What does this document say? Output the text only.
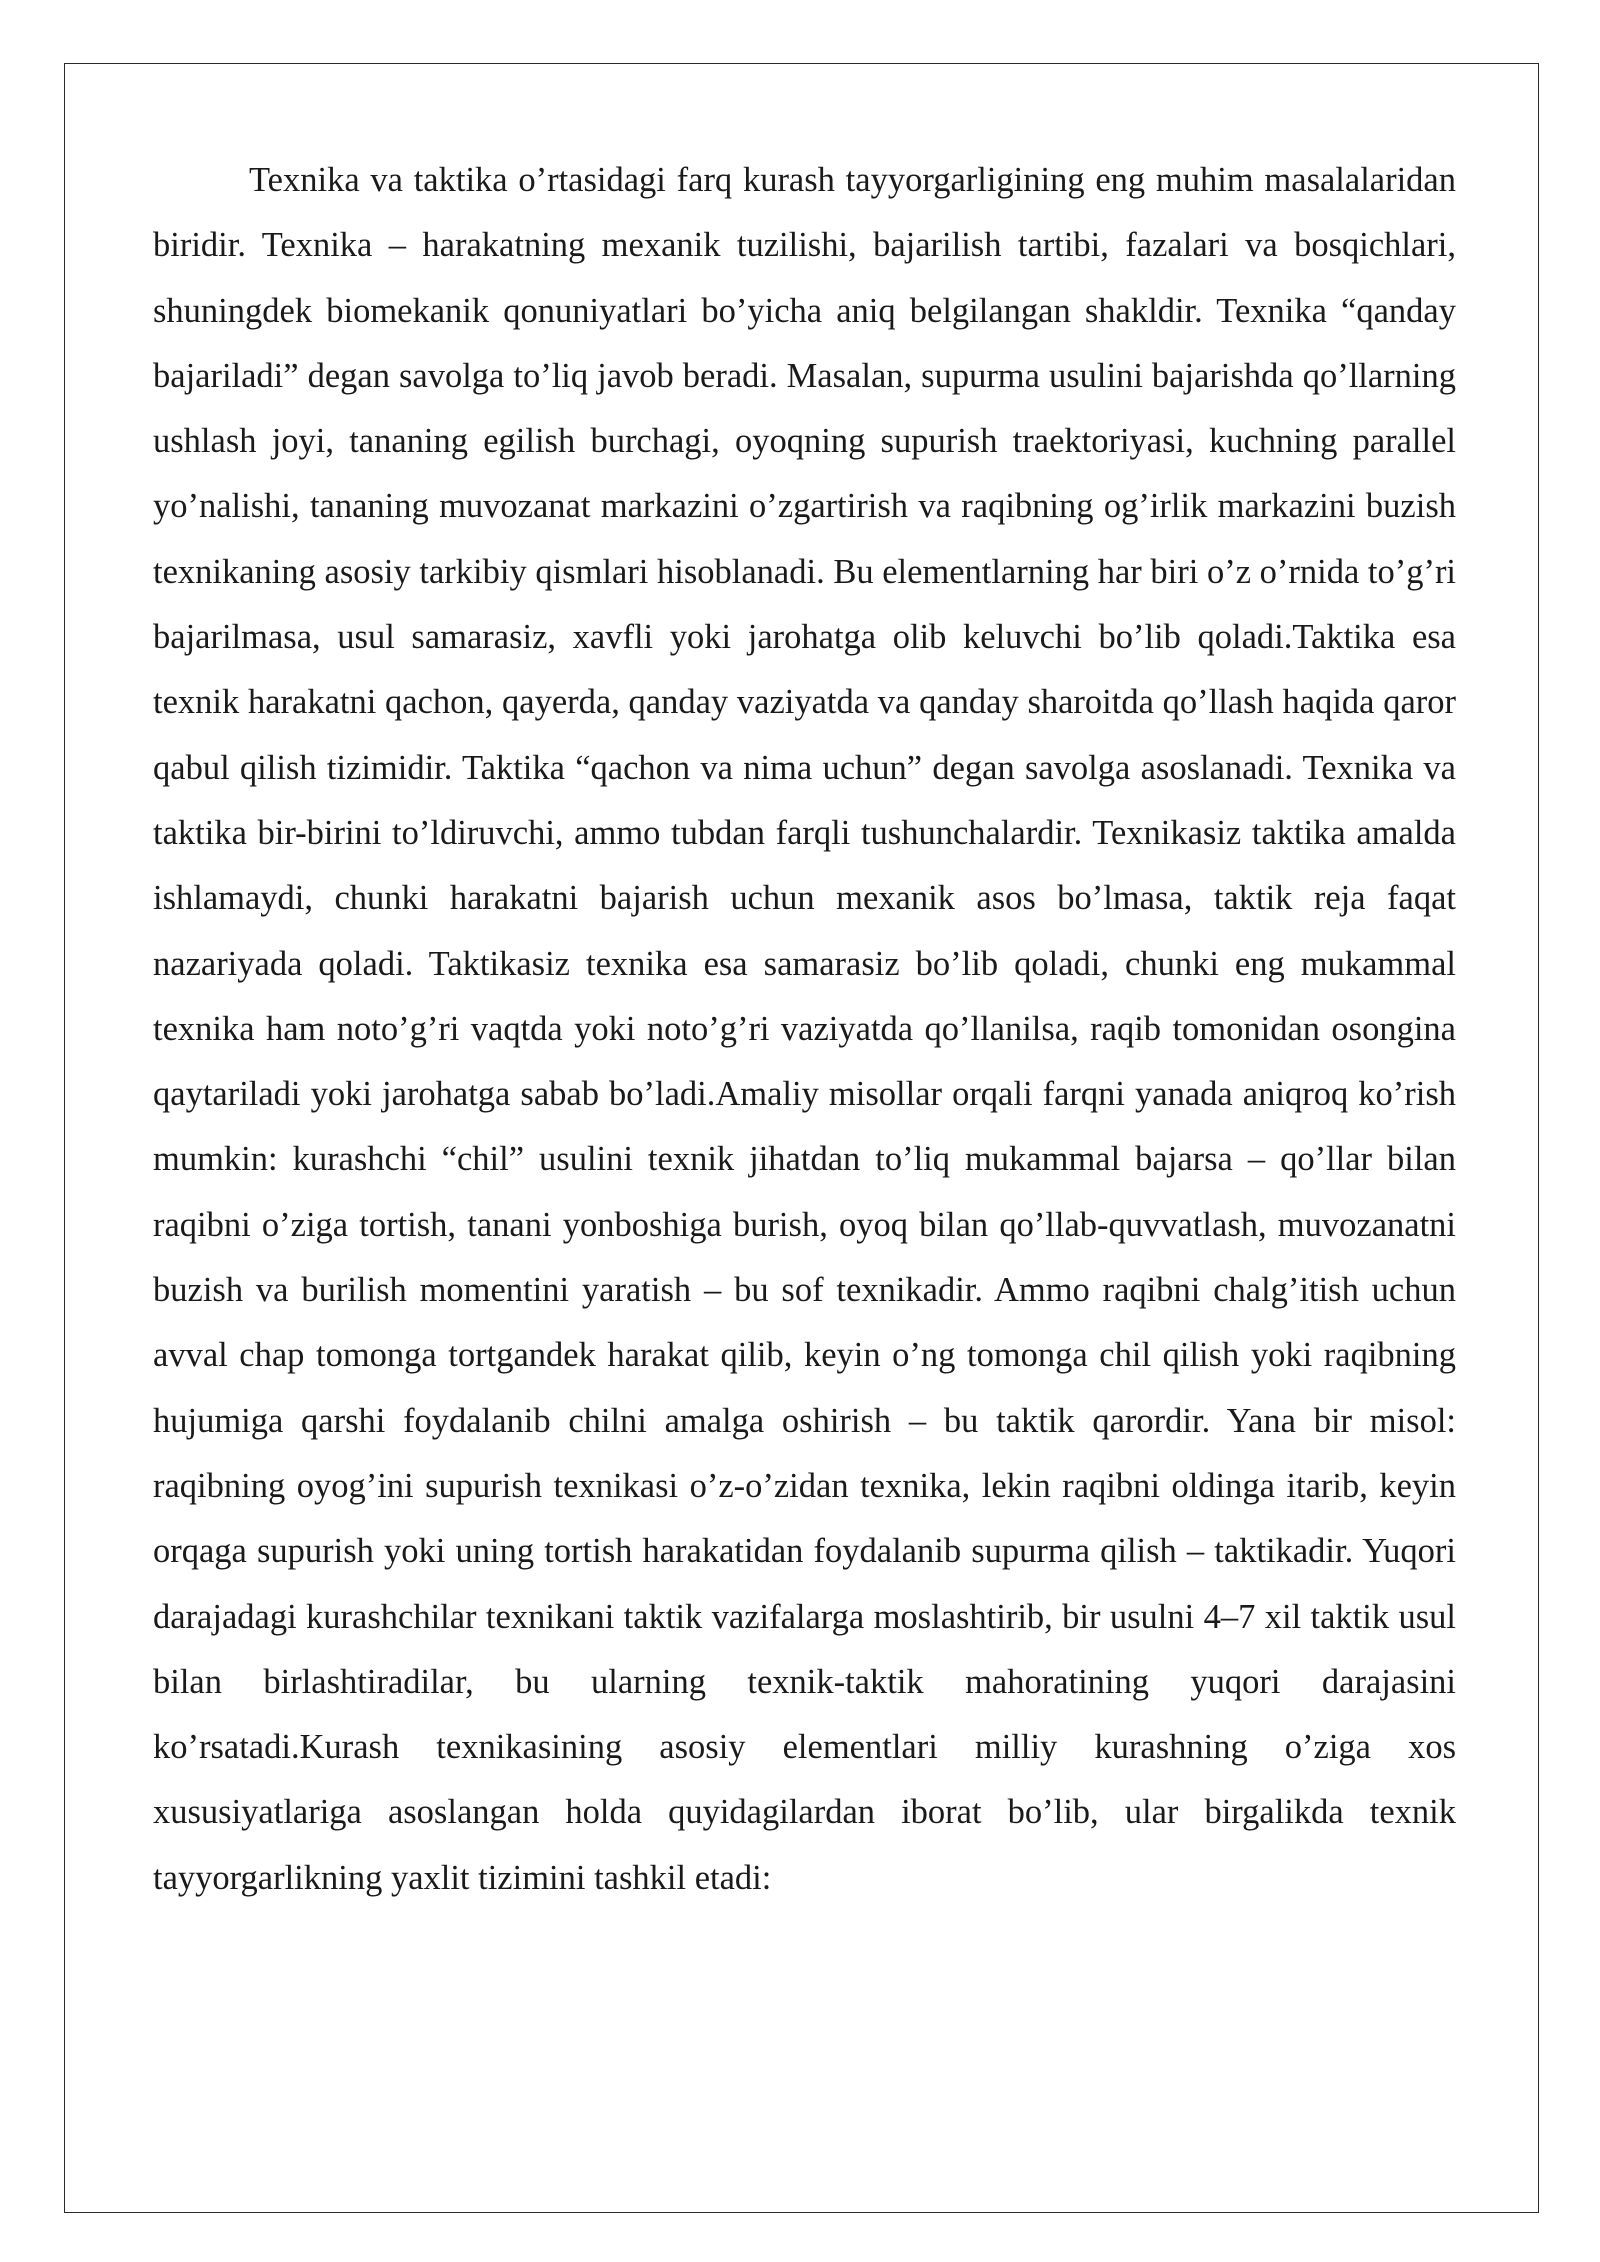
Texnika va taktika o’rtasidagi farq kurash tayyorgarligining eng muhim masalalaridan biridir. Texnika – harakatning mexanik tuzilishi, bajarilish tartibi, fazalari va bosqichlari, shuningdek biomekanik qonuniyatlari bo’yicha aniq belgilangan shakldir. Texnika “qanday bajariladi” degan savolga to’liq javob beradi. Masalan, supurma usulini bajarishda qo’llarning ushlash joyi, tananing egilish burchagi, oyoqning supurish traektoriyasi, kuchning parallel yo’nalishi, tananing muvozanat markazini o’zgartirish va raqibning og’irlik markazini buzish texnikaning asosiy tarkibiy qismlari hisoblanadi. Bu elementlarning har biri o’z o’rnida to’g’ri bajarilmasa, usul samarasiz, xavfli yoki jarohatga olib keluvchi bo’lib qoladi.Taktika esa texnik harakatni qachon, qayerda, qanday vaziyatda va qanday sharoitda qo’llash haqida qaror qabul qilish tizimidir. Taktika “qachon va nima uchun” degan savolga asoslanadi. Texnika va taktika bir-birini to’ldiruvchi, ammo tubdan farqli tushunchalardir. Texnikasiz taktika amalda ishlamaydi, chunki harakatni bajarish uchun mexanik asos bo’lmasa, taktik reja faqat nazariyada qoladi. Taktikasiz texnika esa samarasiz bo’lib qoladi, chunki eng mukammal texnika ham noto’g’ri vaqtda yoki noto’g’ri vaziyatda qo’llanilsa, raqib tomonidan osongina qaytariladi yoki jarohatga sabab bo’ladi.Amaliy misollar orqali farqni yanada aniqroq ko’rish mumkin: kurashchi “chil” usulini texnik jihatdan to’liq mukammal bajarsa – qo’llar bilan raqibni o’ziga tortish, tanani yonboshiga burish, oyoq bilan qo’llab-quvvatlash, muvozanatni buzish va burilish momentini yaratish – bu sof texnikadir. Ammo raqibni chalg’itish uchun avval chap tomonga tortgandek harakat qilib, keyin o’ng tomonga chil qilish yoki raqibning hujumiga qarshi foydalanib chilni amalga oshirish – bu taktik qarordir. Yana bir misol: raqibning oyog’ini supurish texnikasi o’z-o’zidan texnika, lekin raqibni oldinga itarib, keyin orqaga supurish yoki uning tortish harakatidan foydalanib supurma qilish – taktikadir. Yuqori darajadagi kurashchilar texnikani taktik vazifalarga moslashtirib, bir usulni 4–7 xil taktik usul bilan birlashtiradilar, bu ularning texnik-taktik mahoratining yuqori darajasini ko’rsatadi.Kurash texnikasining asosiy elementlari milliy kurashning o’ziga xos xususiyatlariga asoslangan holda quyidagilardan iborat bo’lib, ular birgalikda texnik tayyorgarlikning yaxlit tizimini tashkil etadi:
